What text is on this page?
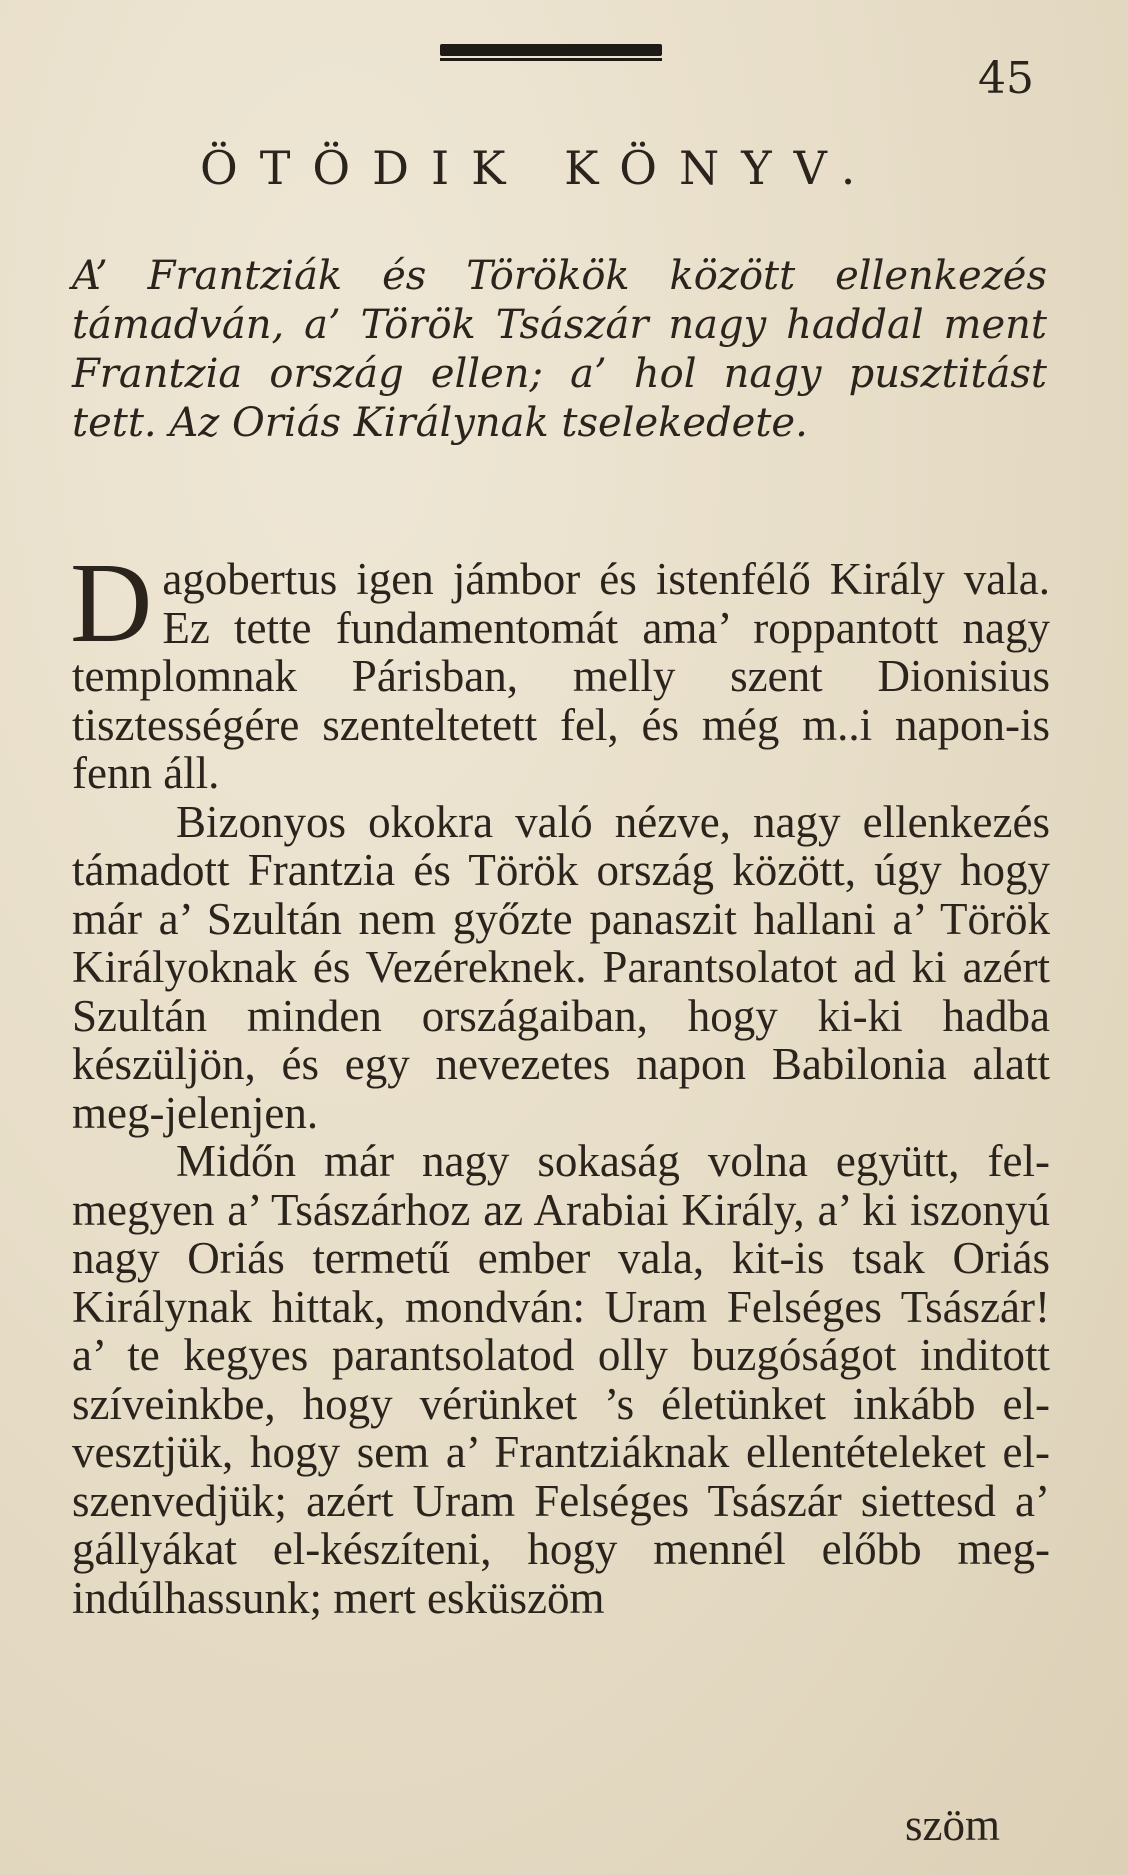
45
ÖTÖDIK KÖNYV.
A’ Frantziák és Törökök között ellenkezés támadván, a’ Török Tsászár nagy haddal ment Frantzia ország ellen; a’ hol nagy pusztitást tett. Az Oriás Királynak tselekedete.

Dagobertus igen jámbor és istenfélő Király vala. Ez tette fundamentomát ama’ roppantott nagy templomnak Párisban, melly szent Dionisius tisztességére szenteltetett fel, és még m..i napon-is fenn áll.

Bizonyos okokra való nézve, nagy ellenkezés támadott Frantzia és Török ország között, úgy hogy már a’ Szultán nem győzte panaszit hallani a’ Török Királyoknak és Vezéreknek. Parantsolatot ad ki azért Szultán minden országaiban, hogy ki-ki hadba készüljön, és egy nevezetes napon Babilonia alatt meg-jelenjen.

Midőn már nagy sokaság volna együtt, fel-megyen a’ Tsászárhoz az Arabiai Király, a’ ki iszonyú nagy Oriás termetű ember vala, kit-is tsak Oriás Királynak hittak, mondván: Uram Felséges Tsászár! a’ te kegyes parantsolatod olly buzgóságot inditott szíveinkbe, hogy vérünket ’s életünket inkább el-vesztjük, hogy sem a’ Frantziáknak ellentételeket el-szenvedjük; azért Uram Felséges Tsászár siettesd a’ gállyákat el-készíteni, hogy mennél előbb meg-indúlhassunk; mert esküszöm

szöm
